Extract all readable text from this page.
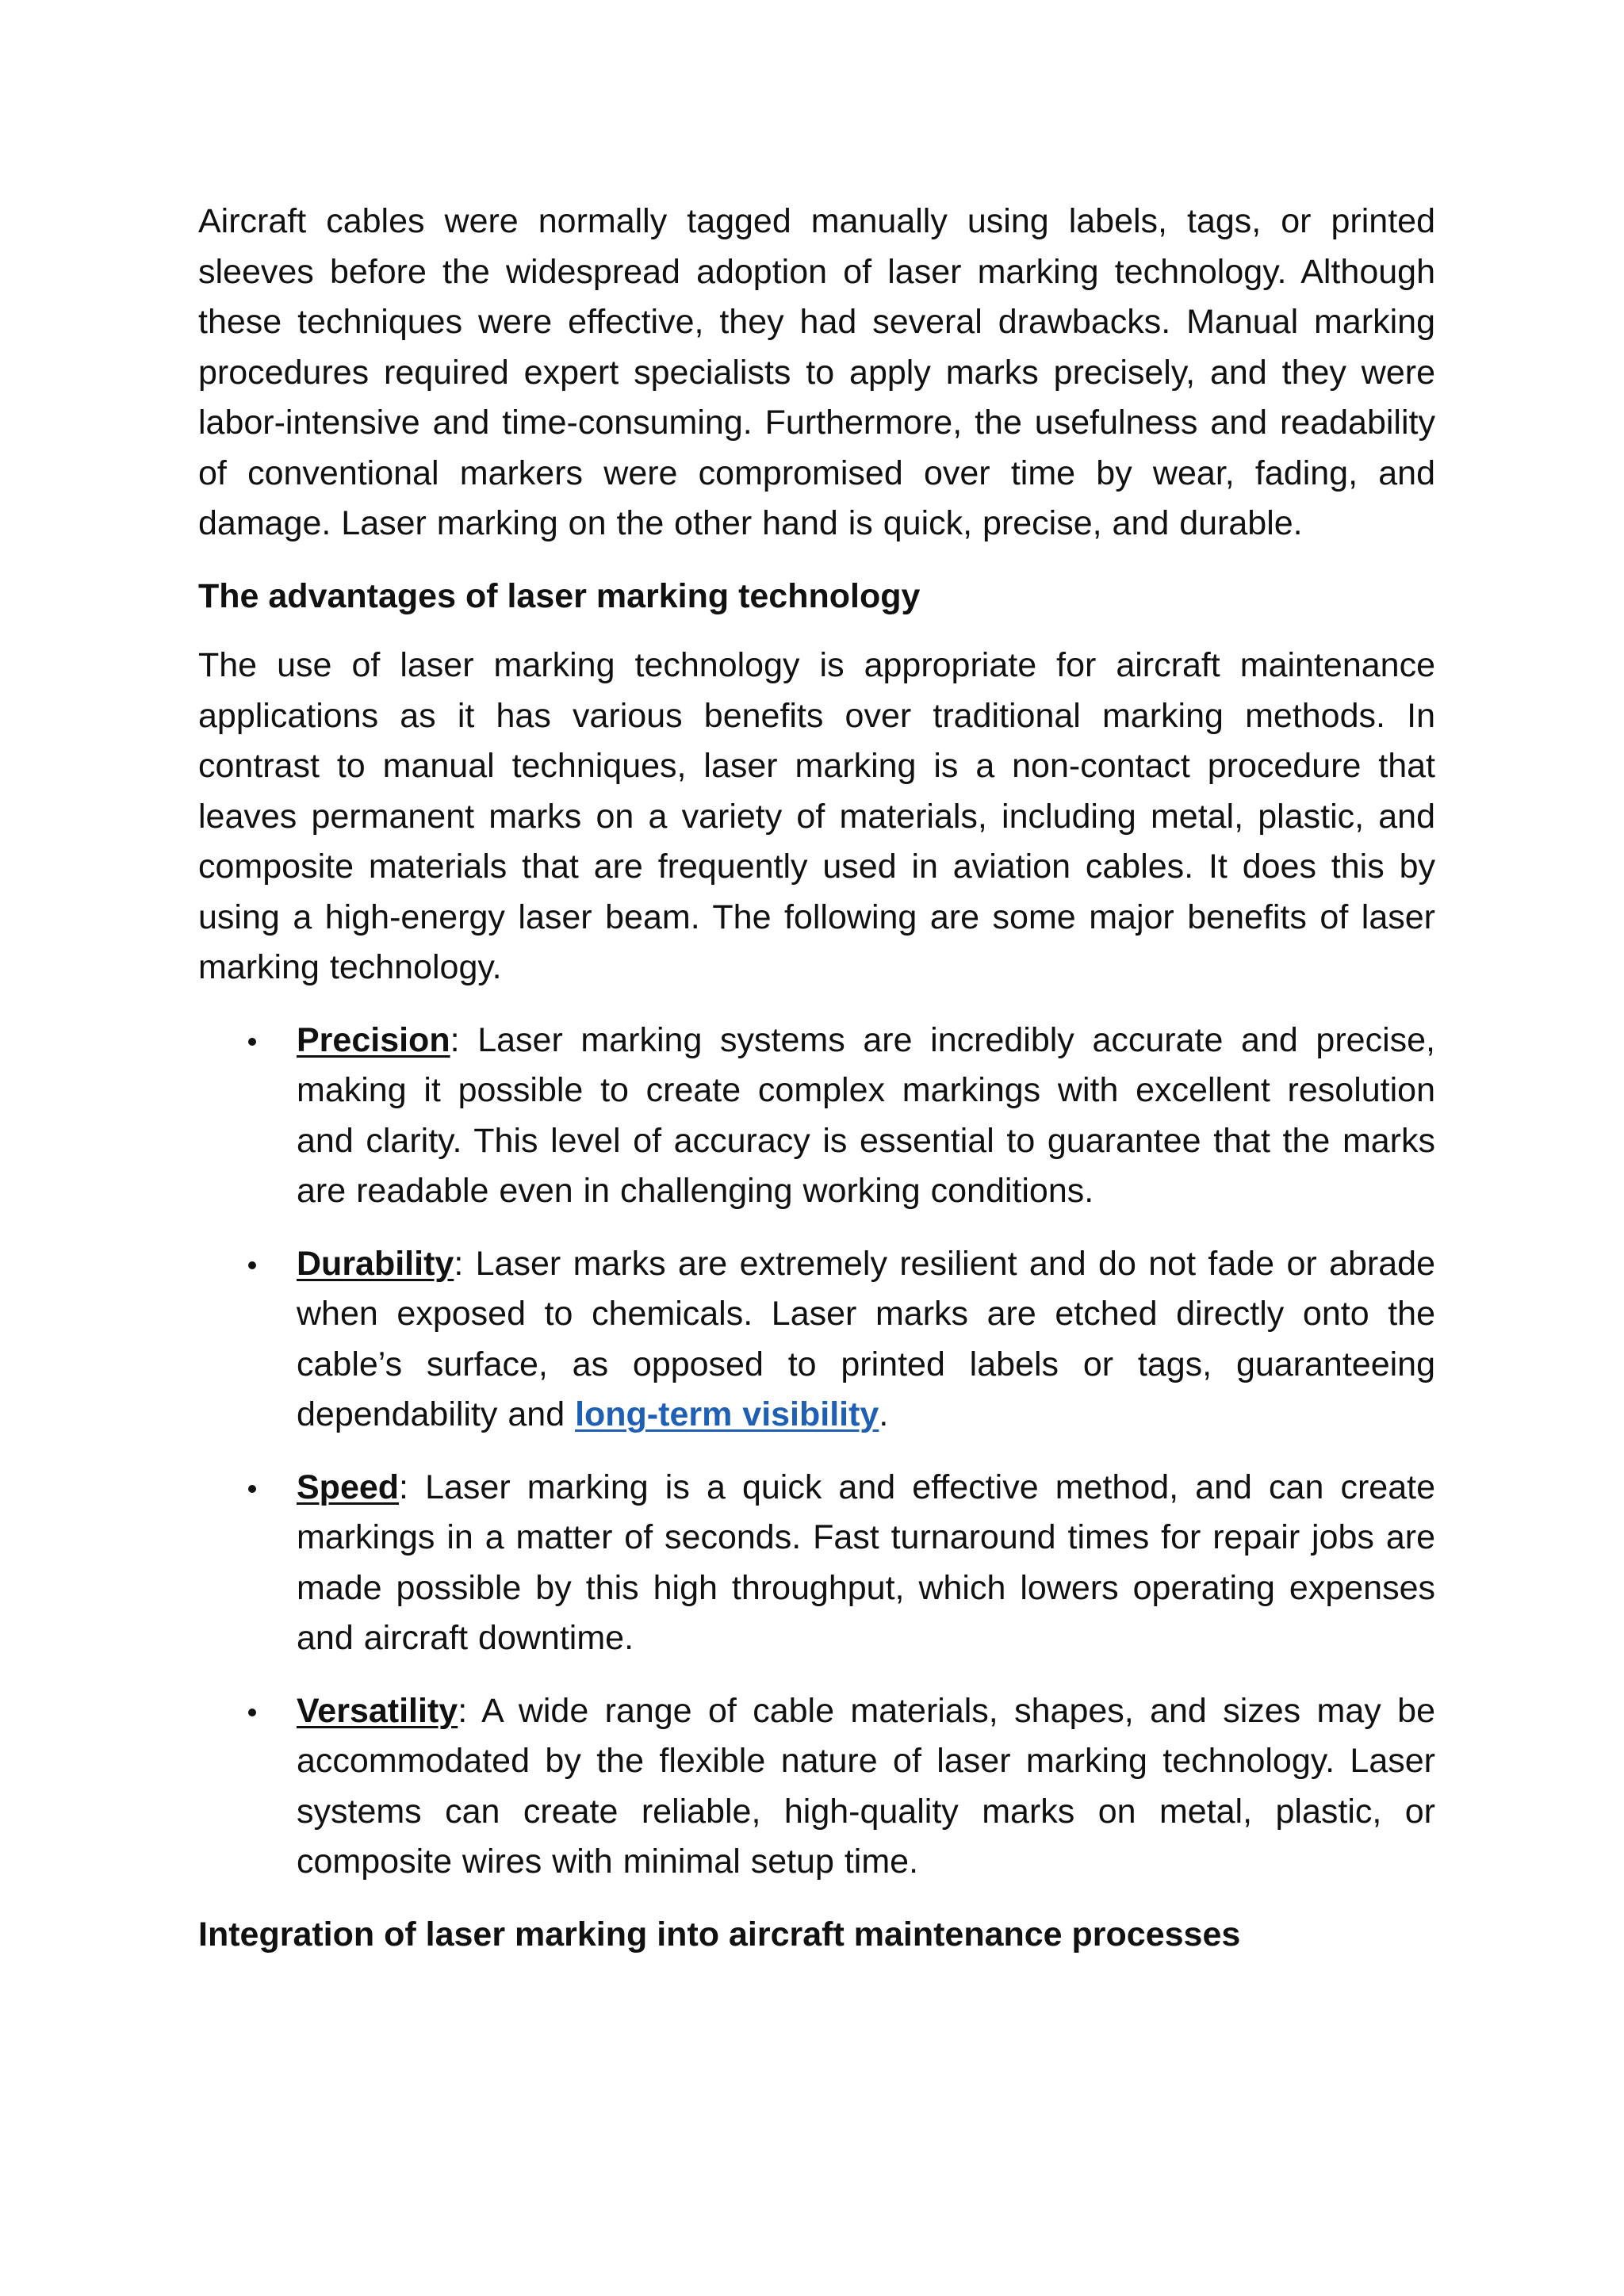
Aircraft cables were normally tagged manually using labels, tags, or printed sleeves before the widespread adoption of laser marking technology. Although these techniques were effective, they had several drawbacks. Manual marking procedures required expert specialists to apply marks precisely, and they were labor-intensive and time-consuming. Furthermore, the usefulness and readability of conventional markers were compromised over time by wear, fading, and damage. Laser marking on the other hand is quick, precise, and durable.

The advantages of laser marking technology

The use of laser marking technology is appropriate for aircraft maintenance applications as it has various benefits over traditional marking methods. In contrast to manual techniques, laser marking is a non-contact procedure that leaves permanent marks on a variety of materials, including metal, plastic, and composite materials that are frequently used in aviation cables. It does this by using a high-energy laser beam. The following are some major benefits of laser marking technology.

Precision: Laser marking systems are incredibly accurate and precise, making it possible to create complex markings with excellent resolution and clarity. This level of accuracy is essential to guarantee that the marks are readable even in challenging working conditions.
Durability: Laser marks are extremely resilient and do not fade or abrade when exposed to chemicals. Laser marks are etched directly onto the cable’s surface, as opposed to printed labels or tags, guaranteeing dependability and long-term visibility.
Speed: Laser marking is a quick and effective method, and can create markings in a matter of seconds. Fast turnaround times for repair jobs are made possible by this high throughput, which lowers operating expenses and aircraft downtime.
Versatility: A wide range of cable materials, shapes, and sizes may be accommodated by the flexible nature of laser marking technology. Laser systems can create reliable, high-quality marks on metal, plastic, or composite wires with minimal setup time.
Integration of laser marking into aircraft maintenance processes
